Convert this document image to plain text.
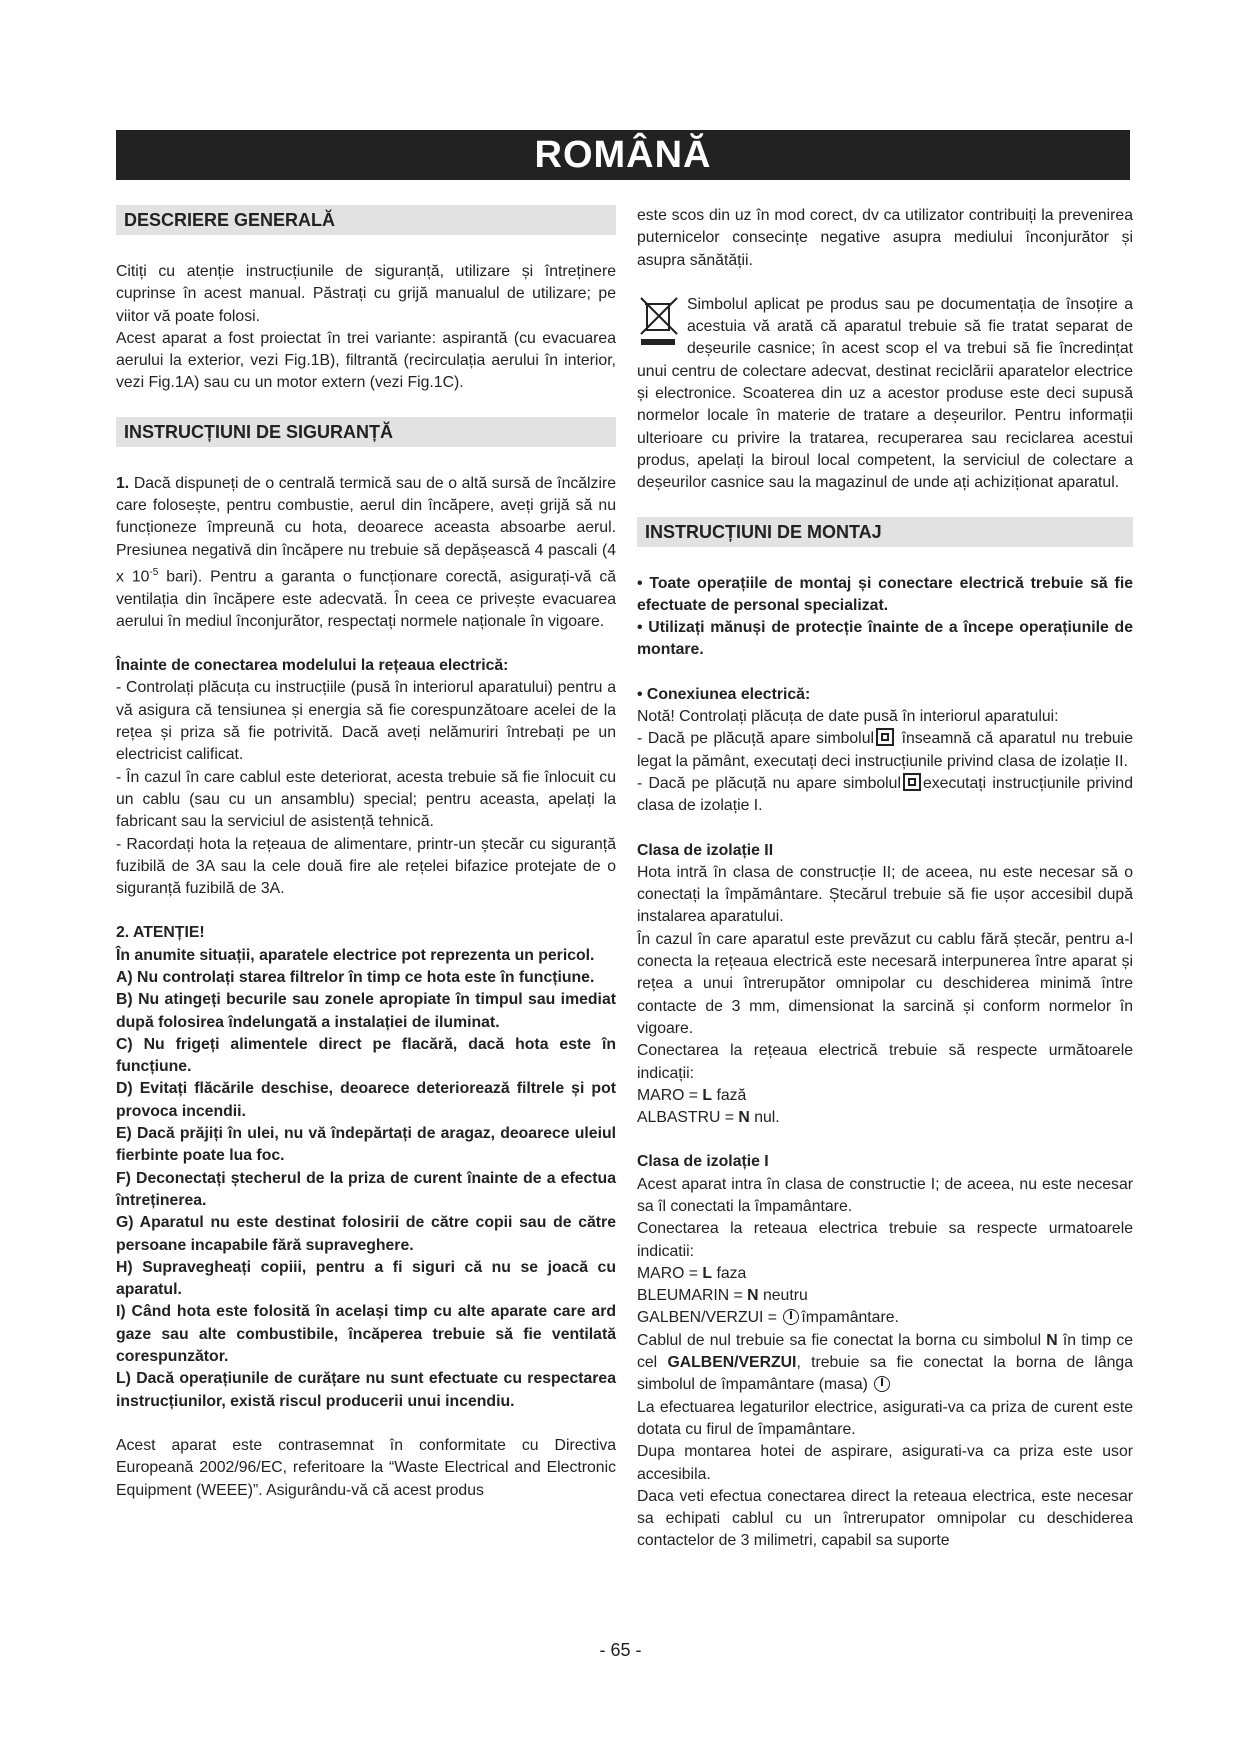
ROMÂNĂ
DESCRIERE GENERALĂ

Citiți cu atenție instrucțiunile de siguranță, utilizare și întreținere cuprinse în acest manual. Păstrați cu grijă manualul de utilizare; pe viitor vă poate folosi.

Acest aparat a fost proiectat în trei variante: aspirantă (cu evacuarea aerului la exterior, vezi Fig.1B), filtrantă (recirculația aerului în interior, vezi Fig.1A) sau cu un motor extern (vezi Fig.1C).

INSTRUCȚIUNI DE SIGURANȚĂ

1. Dacă dispuneți de o centrală termică sau de o altă sursă de încălzire care folosește, pentru combustie, aerul din încăpere, aveți grijă să nu funcționeze împreună cu hota, deoarece aceasta absoarbe aerul. Presiunea negativă din încăpere nu trebuie să depășească 4 pascali (4 x $10^{-5}$ bari). Pentru a garanta o funcționare corectă, asigurați-vă că ventilația din încăpere este adecvată. În ceea ce privește evacuarea aerului în mediul înconjurător, respectați normele naționale în vigoare.

Înainte de conectarea modelului la rețeaua electrică:

- Controlați plăcuța cu instrucțiile (pusă în interiorul aparatului) pentru a vă asigura că tensiunea și energia să fie corespunzătoare acelei de la rețea și priza să fie potrivită. Dacă aveți nelămuriri întrebați pe un electricist calificat.

- În cazul în care cablul este deteriorat, acesta trebuie să fie înlocuit cu un cablu (sau cu un ansamblu) special; pentru aceasta, apelați la fabricant sau la serviciul de asistență tehnică.

- Racordați hota la rețeaua de alimentare, printr-un ștecăr cu siguranță fuzibilă de 3A sau la cele două fire ale rețelei bifazice protejate de o siguranță fuzibilă de 3A.

2. ATENȚIE!

În anumite situații, aparatele electrice pot reprezenta un pericol.

A) Nu controlați starea filtrelor în timp ce hota este în funcțiune.

B) Nu atingeți becurile sau zonele apropiate în timpul sau imediat după folosirea îndelungată a instalației de iluminat.

C) Nu frigeți alimentele direct pe flacără, dacă hota este în funcțiune.

D) Evitați flăcările deschise, deoarece deteriorează filtrele și pot provoca incendii.

E) Dacă prăjiți în ulei, nu vă îndepărtați de aragaz, deoarece uleiul fierbinte poate lua foc.

F) Deconectați ștecherul de la priza de curent înainte de a efectua întreținerea.

G) Aparatul nu este destinat folosirii de către copii sau de către persoane incapabile fără supraveghere.

H) Supravegheați copiii, pentru a fi siguri că nu se joacă cu aparatul.

I) Când hota este folosită în același timp cu alte aparate care ard gaze sau alte combustibile, încăperea trebuie să fie ventilată corespunzător.

L) Dacă operațiunile de curățare nu sunt efectuate cu respectarea instrucțiunilor, există riscul producerii unui incendiu.

Acest aparat este contrasemnat în conformitate cu Directiva Europeană 2002/96/EC, referitoare la “Waste Electrical and Electronic Equipment (WEEE)”. Asigurându-vă că acest produs

este scos din uz în mod corect, dv ca utilizator contribuiți la prevenirea puternicelor consecințe negative asupra mediului înconjurător și asupra sănătății.

Simbolul aplicat pe produs sau pe documentația de însoțire a acestuia vă arată că aparatul trebuie să fie tratat separat de deșeurile casnice; în acest scop el va trebui să fie încredințat unui centru de colectare adecvat, destinat reciclării aparatelor electrice și electronice. Scoaterea din uz a acestor produse este deci supusă normelor locale în materie de tratare a deșeurilor. Pentru informații ulterioare cu privire la tratarea, recuperarea sau reciclarea acestui produs, apelați la biroul local competent, la serviciul de colectare a deșeurilor casnice sau la magazinul de unde ați achiziționat aparatul.

INSTRUCȚIUNI DE MONTAJ

• Toate operațiile de montaj și conectare electrică trebuie să fie efectuate de personal specializat.

• Utilizați mănuși de protecție înainte de a începe operațiunile de montare.

• Conexiunea electrică:

Notă! Controlați plăcuța de date pusă în interiorul aparatului:

- Dacă pe plăcuță apare simbolul înseamnă că aparatul nu trebuie legat la pământ, executați deci instrucțiunile privind clasa de izolație II.

- Dacă pe plăcuță nu apare simbolul executați instrucțiunile privind clasa de izolație I.

Clasa de izolație II

Hota intră în clasa de construcție II; de aceea, nu este necesar să o conectați la împământare. Ștecărul trebuie să fie ușor accesibil după instalarea aparatului.

În cazul în care aparatul este prevăzut cu cablu fără ștecăr, pentru a-l conecta la rețeaua electrică este necesară interpunerea între aparat și rețea a unui întrerupător omnipolar cu deschiderea minimă între contacte de 3 mm, dimensionat la sarcină și conform normelor în vigoare.

Conectarea la rețeaua electrică trebuie să respecte următoarele indicații:

MARO = L fază

ALBASTRU = N nul.

Clasa de izolație I

Acest aparat intra în clasa de constructie I; de aceea, nu este necesar sa îl conectati la împamântare.

Conectarea la reteaua electrica trebuie sa respecte urmatoarele indicatii:

MARO = L faza

BLEUMARIN = N neutru

GALBEN/VERZUI = împamântare.

Cablul de nul trebuie sa fie conectat la borna cu simbolul N în timp ce cel GALBEN/VERZUI, trebuie sa fie conectat la borna de lânga simbolul de împamântare (masa)

La efectuarea legaturilor electrice, asigurati-va ca priza de curent este dotata cu firul de împamântare.

Dupa montarea hotei de aspirare, asigurati-va ca priza este usor accesibila.

Daca veti efectua conectarea direct la reteaua electrica, este necesar sa echipati cablul cu un întrerupator omnipolar cu deschiderea contactelor de 3 milimetri, capabil sa suporte

- 65 -
